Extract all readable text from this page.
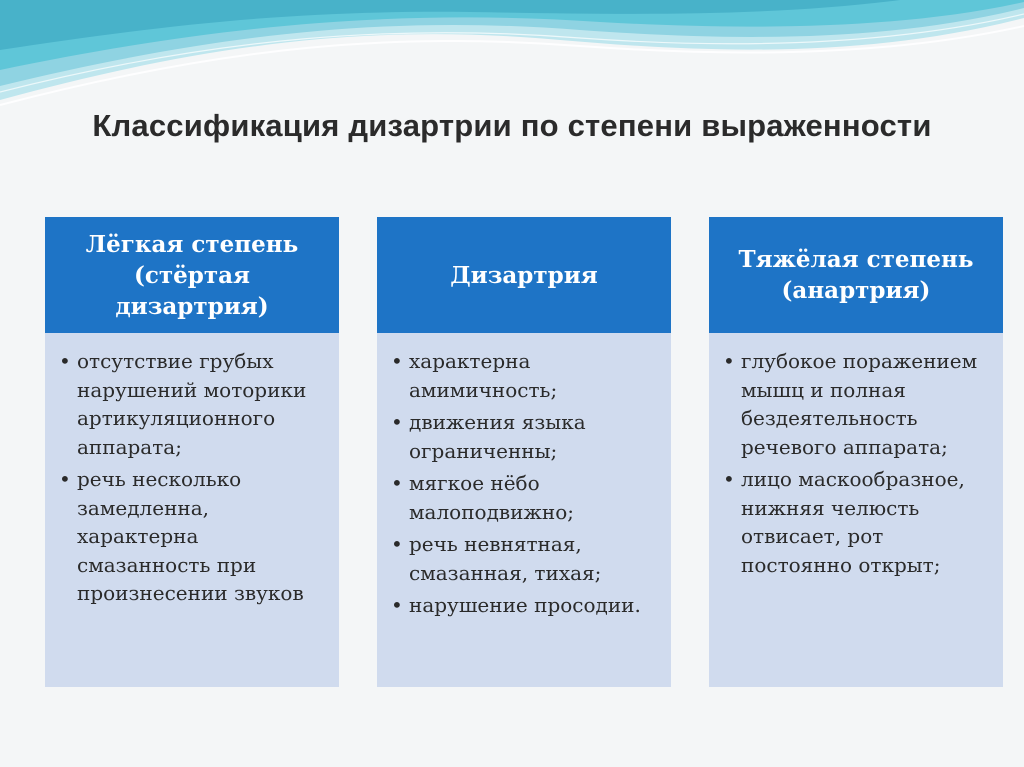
Классификация дизартрии по степени выраженности
Лёгкая степень
(стёртая
дизартрия)
• отсутствие грубых нарушений моторики артикуляционного аппарата;
• речь несколько замедленна, характерна смазанность при произнесении звуков
Дизартрия
• характерна амимичность;
• движения языка ограниченны;
• мягкое нёбо малоподвижно;
• речь невнятная, смазанная, тихая;
• нарушение просодии.
Тяжёлая степень
(анартрия)
• глубокое поражением мышц и полная бездеятельность речевого аппарата;
• лицо маскообразное, нижняя челюсть отвисает, рот постоянно открыт;
